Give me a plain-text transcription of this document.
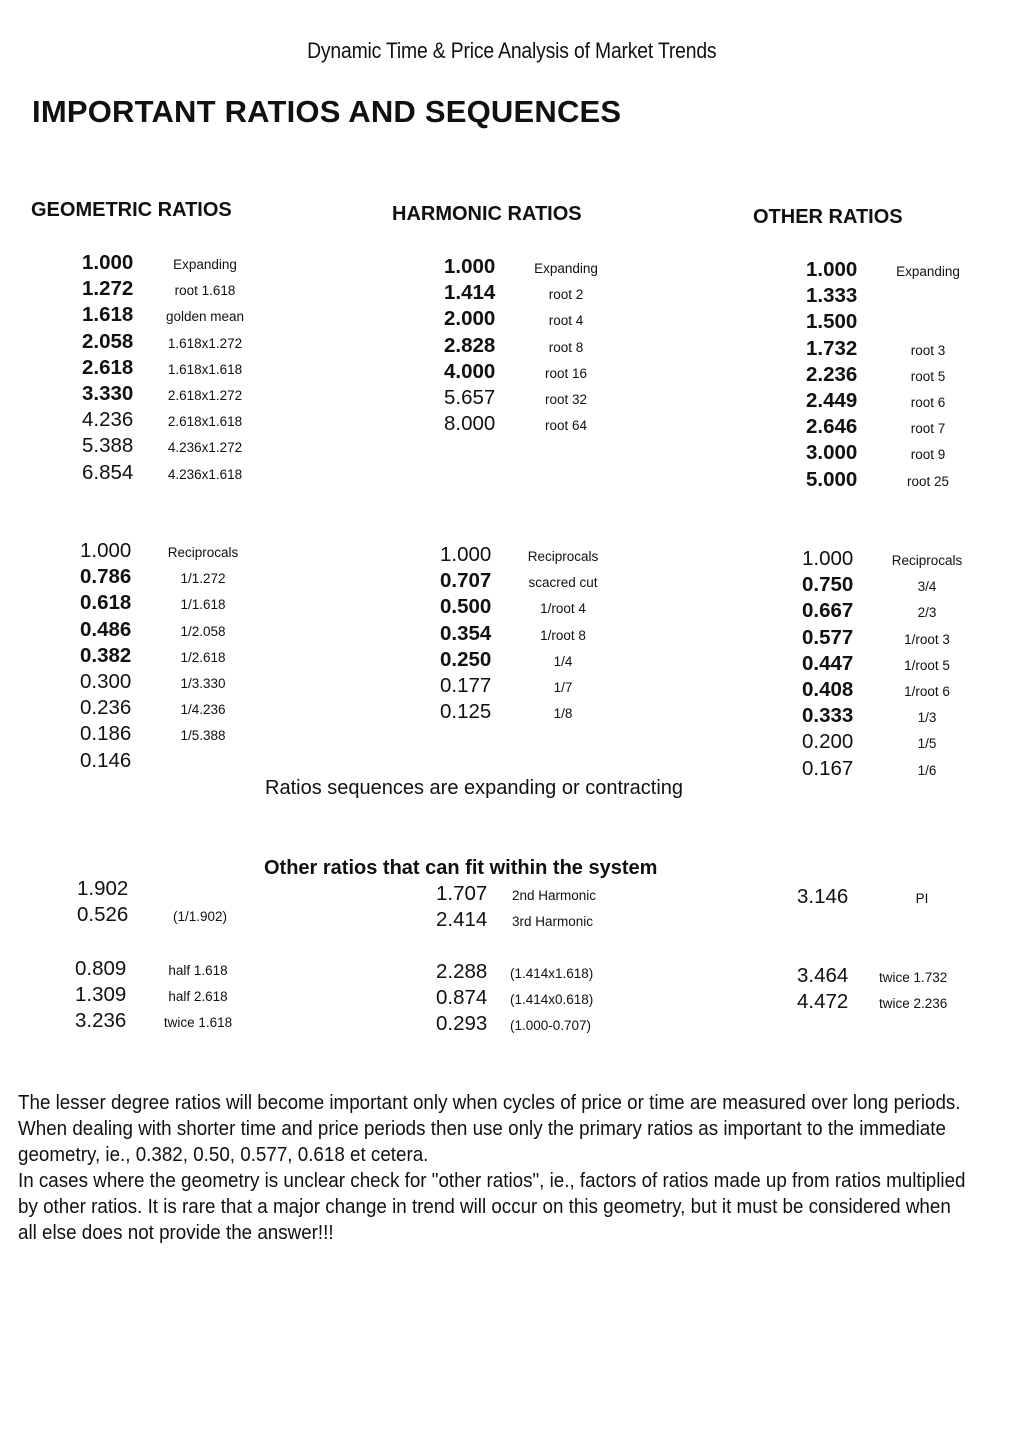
Dynamic Time & Price Analysis of Market Trends
IMPORTANT RATIOS AND SEQUENCES
GEOMETRIC RATIOS	HARMONIC RATIOS	OTHER RATIOS
1.000	Expanding
1.272	root 1.618
1.618	golden mean
2.058	1.618x1.272
2.618	1.618x1.618
3.330	2.618x1.272
4.236	2.618x1.618
5.388	4.236x1.272
6.854	4.236x1.618
1.000	Expanding
1.414	root 2
2.000	root 4
2.828	root 8
4.000	root 16
5.657	root 32
8.000	root 64
1.000	Expanding
1.333
1.500
1.732	root 3
2.236	root 5
2.449	root 6
2.646	root 7
3.000	root 9
5.000	root 25
1.000	Reciprocals
0.786	1/1.272
0.618	1/1.618
0.486	1/2.058
0.382	1/2.618
0.300	1/3.330
0.236	1/4.236
0.186	1/5.388
0.146
1.000	Reciprocals
0.707	scacred cut
0.500	1/root 4
0.354	1/root 8
0.250	1/4
0.177	1/7
0.125	1/8
1.000	Reciprocals
0.750	3/4
0.667	2/3
0.577	1/root 3
0.447	1/root 5
0.408	1/root 6
0.333	1/3
0.200	1/5
0.167	1/6
Ratios sequences are expanding or contracting
Other ratios that can fit within the system
1.902
0.526	(1/1.902)
0.809	half 1.618
1.309	half 2.618
3.236	twice 1.618
1.707 2nd Harmonic
2.414 3rd Harmonic
2.288 (1.414x1.618)
0.874 (1.414x0.618)
0.293 (1.000-0.707)
3.146	PI
3.464 twice 1.732
4.472 twice 2.236

The lesser degree ratios will become important only when cycles of price or time are measured over long periods.

When dealing with shorter time and price periods then use only the primary ratios as important to the immediate geometry, ie., 0.382, 0.50, 0.577, 0.618 et cetera.

In cases where the geometry is unclear check for "other ratios", ie., factors of ratios made up from ratios multiplied by other ratios. It is rare that a major change in trend will occur on this geometry, but it must be considered when all else does not provide the answer!!!
